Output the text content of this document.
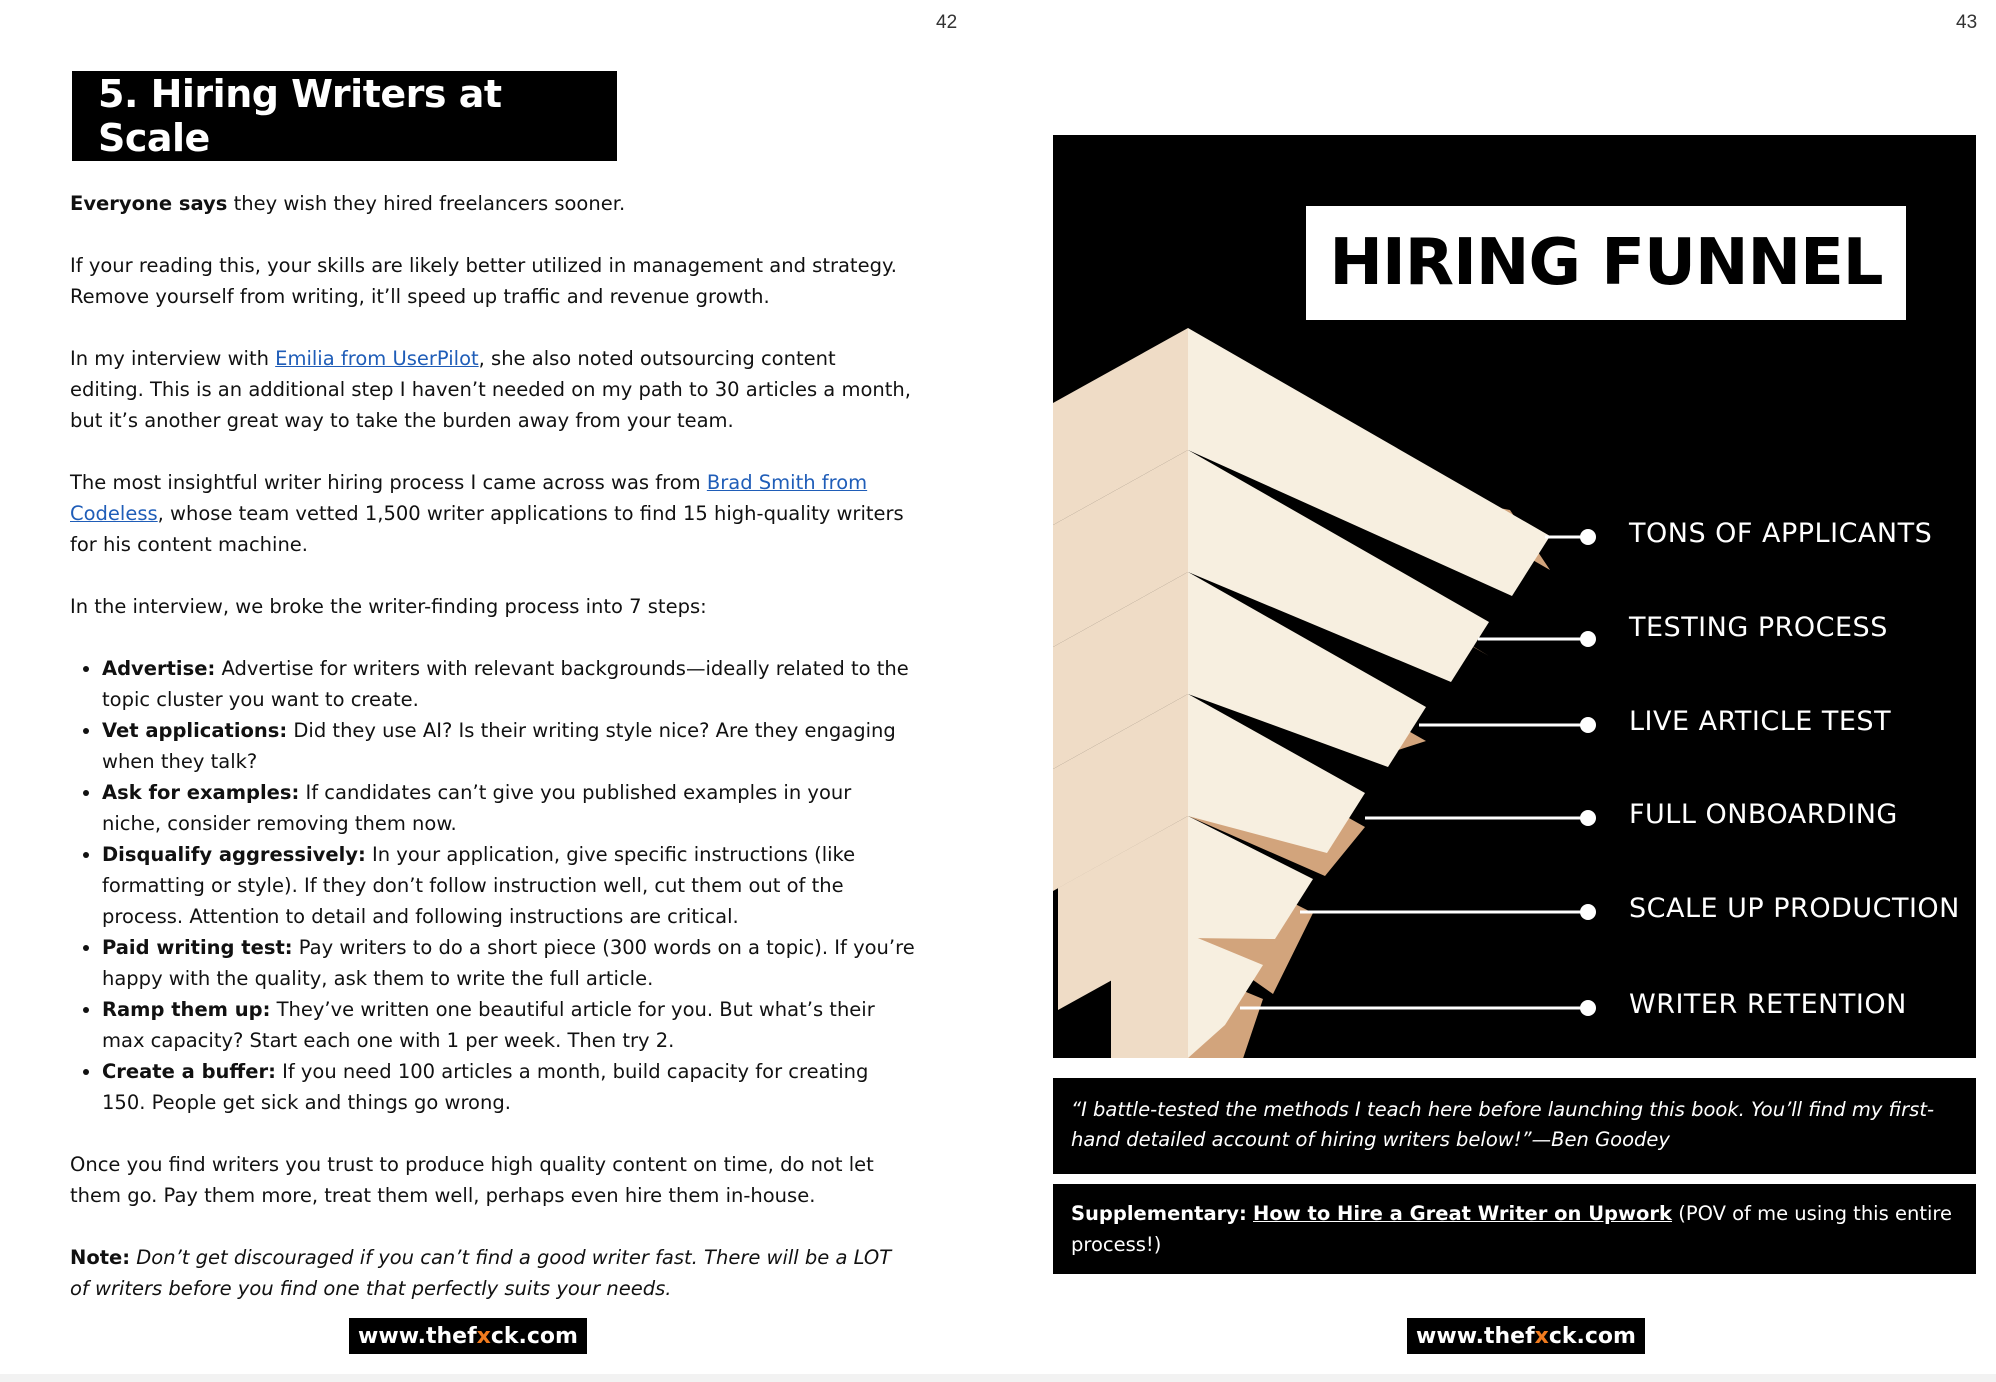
42	43
5. Hiring Writers at Scale

Everyone says they wish they hired freelancers sooner.

If your reading this, your skills are likely better utilized in management and strategy. Remove yourself from writing, it’ll speed up traffic and revenue growth.

In my interview with Emilia from UserPilot, she also noted outsourcing content editing. This is an additional step I haven’t needed on my path to 30 articles a month, but it’s another great way to take the burden away from your team.

The most insightful writer hiring process I came across was from Brad Smith from Codeless, whose team vetted 1,500 writer applications to find 15 high-quality writers for his content machine.

In the interview, we broke the writer-finding process into 7 steps:

• Advertise: Advertise for writers with relevant backgrounds—ideally related to the topic cluster you want to create.
• Vet applications: Did they use AI? Is their writing style nice? Are they engaging when they talk?
• Ask for examples: If candidates can’t give you published examples in your niche, consider removing them now.
• Disqualify aggressively: In your application, give specific instructions (like formatting or style). If they don’t follow instruction well, cut them out of the process. Attention to detail and following instructions are critical.
• Paid writing test: Pay writers to do a short piece (300 words on a topic). If you’re happy with the quality, ask them to write the full article.
• Ramp them up: They’ve written one beautiful article for you. But what’s their max capacity? Start each one with 1 per week. Then try 2.
• Create a buffer: If you need 100 articles a month, build capacity for creating 150. People get sick and things go wrong.

Once you find writers you trust to produce high quality content on time, do not let them go. Pay them more, treat them well, perhaps even hire them in-house.

Note: Don’t get discouraged if you can’t find a good writer fast. There will be a LOT of writers before you find one that perfectly suits your needs.

www.thef x ck.com
HIRING FUNNEL
TONS OF APPLICANTS
TESTING PROCESS
LIVE ARTICLE TEST
FULL ONBOARDING
SCALE UP PRODUCTION
WRITER RETENTION
“I battle-tested the methods I teach here before launching this book. You’ll find my first-hand detailed account of hiring writers below!”—Ben Goodey
Supplementary: How to Hire a Great Writer on Upwork (POV of me using this entire process!)
www.thef x ck.com
